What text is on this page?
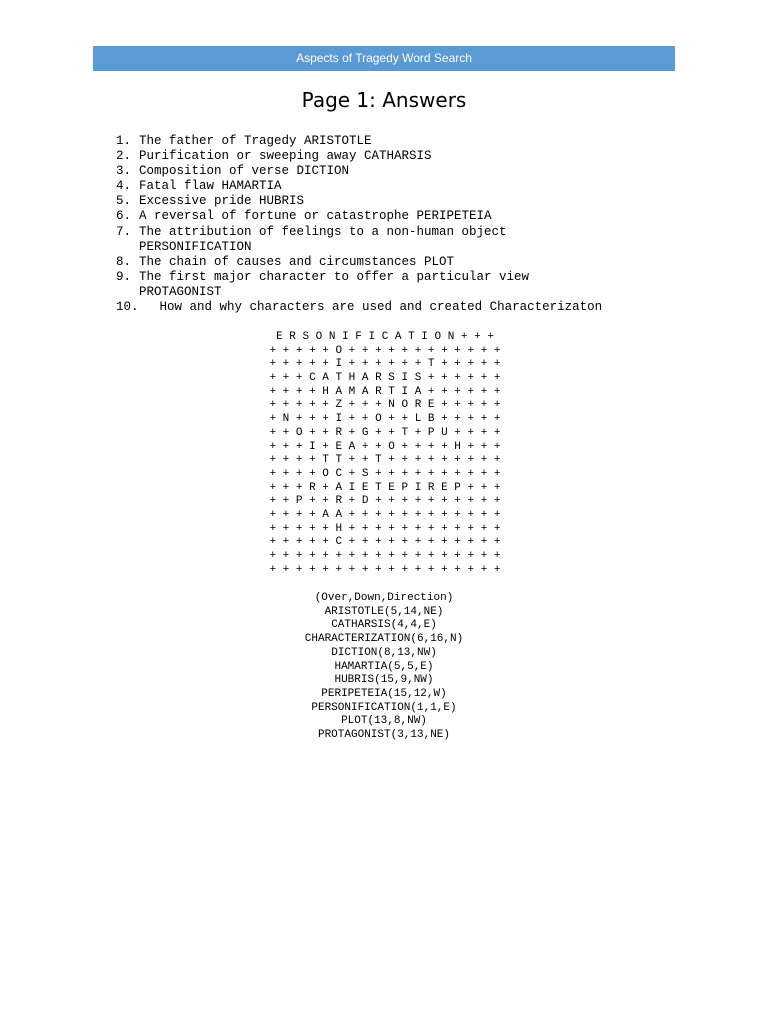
Aspects of Tragedy Word Search
Page 1: Answers
1. The father of Tragedy ARISTOTLE
2. Purification or sweeping away CATHARSIS
3. Composition of verse DICTION
4. Fatal flaw HAMARTIA
5. Excessive pride HUBRIS
6. A reversal of fortune or catastrophe PERIPETEIA
7. The attribution of feelings to a non-human object PERSONIFICATION
8. The chain of causes and circumstances PLOT
9. The first major character to offer a particular view PROTAGONIST
10.	How and why characters are used and created Characterizaton
E R S O N I F I C A T I O N + + +
+ + + + + O + + + + + + + + + + + +
+ + + + + I + + + + + + T + + + + +
+ + + C A T H A R S I S + + + + + +
+ + + + H A M A R T I A + + + + + +
+ + + + + Z + + + N O R E + + + + +
+ N + + + I + + O + + L B + + + + +
+ + O + + R + G + + T + P U + + + +
+ + + I + E A + + O + + + + H + + +
+ + + + T T + + T + + + + + + + + +
+ + + + O C + S + + + + + + + + + +
+ + + R + A I E T E P I R E P + + +
+ + P + + R + D + + + + + + + + + +
+ + + + A A + + + + + + + + + + + +
+ + + + + H + + + + + + + + + + + +
+ + + + + C + + + + + + + + + + + +
+ + + + + + + + + + + + + + + + + +
+ + + + + + + + + + + + + + + + + +
(Over,Down,Direction)
ARISTOTLE(5,14,NE)
CATHARSIS(4,4,E)
CHARACTERIZATION(6,16,N)
DICTION(8,13,NW)
HAMARTIA(5,5,E)
HUBRIS(15,9,NW)
PERIPETEIA(15,12,W)
PERSONIFICATION(1,1,E)
PLOT(13,8,NW)
PROTAGONIST(3,13,NE)
